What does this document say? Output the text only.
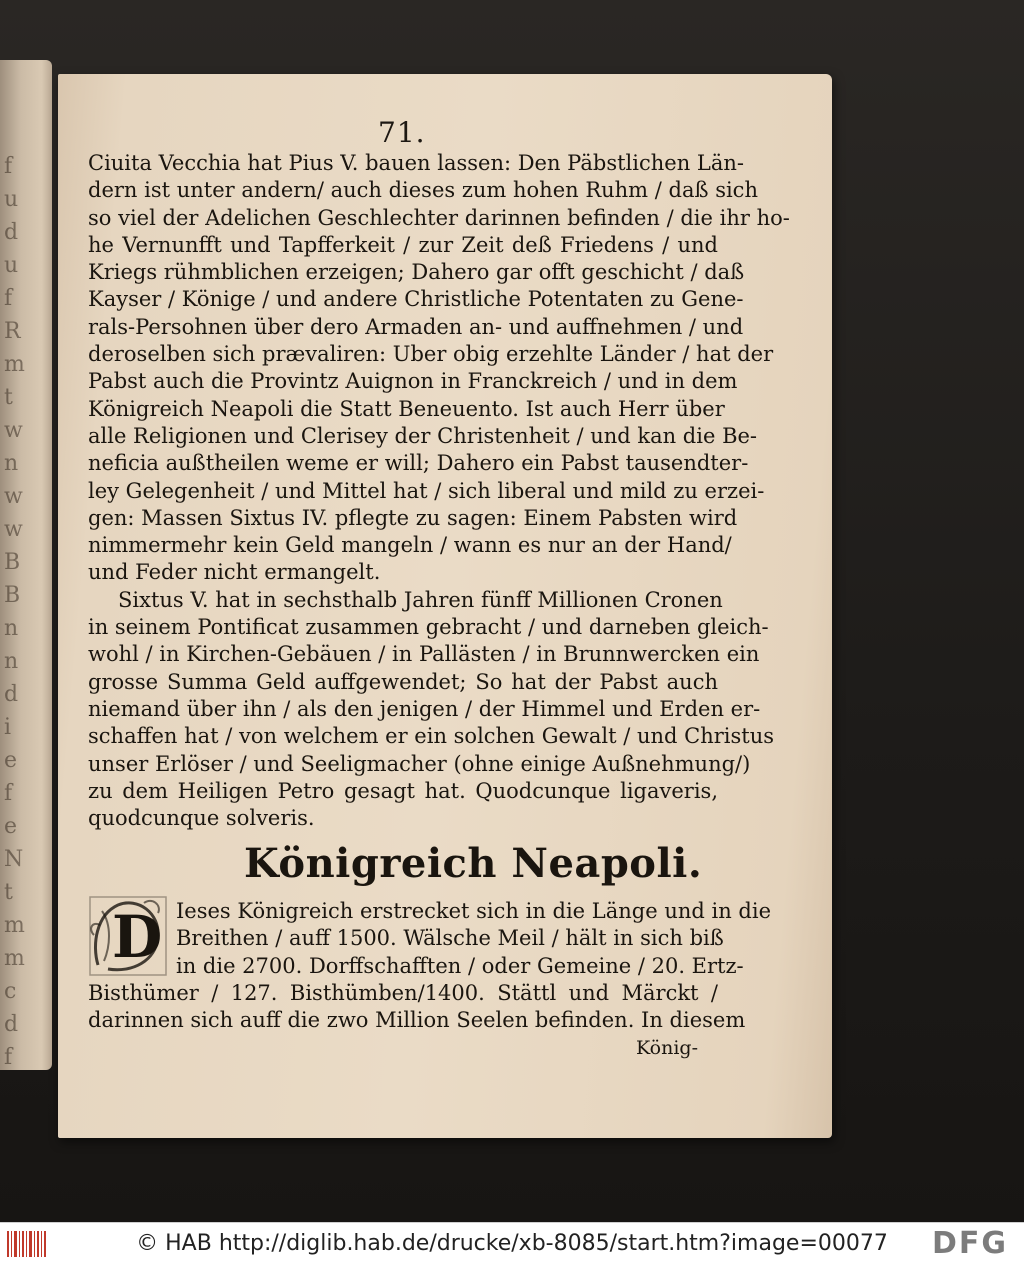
f
u
d
u
f
R
m
t
w
n
w
w
B
B
n
n
d
i
e
f
e
N
t
m
m
c
d
f
71.
Ciuita Vecchia hat Pius V. bauen lassen: Den Päbstlichen Län-
dern ist unter andern/ auch dieses zum hohen Ruhm / daß sich
so viel der Adelichen Geschlechter darinnen befinden / die ihr ho-
he Vernunfft und Tapfferkeit / zur Zeit deß Friedens / und
Kriegs rühmblichen erzeigen; Dahero gar offt geschicht / daß
Kayser / Könige / und andere Christliche Potentaten zu Gene-
rals-Persohnen über dero Armaden an- und auffnehmen / und
deroselben sich prævaliren: Uber obig erzehlte Länder / hat der
Pabst auch die Provintz Auignon in Franckreich / und in dem
Königreich Neapoli die Statt Beneuento. Ist auch Herr über
alle Religionen und Clerisey der Christenheit / und kan die Be-
neficia außtheilen weme er will; Dahero ein Pabst tausendter-
ley Gelegenheit / und Mittel hat / sich liberal und mild zu erzei-
gen: Massen Sixtus IV. pflegte zu sagen: Einem Pabsten wird
nimmermehr kein Geld mangeln / wann es nur an der Hand/
und Feder nicht ermangelt.
Sixtus V. hat in sechsthalb Jahren fünff Millionen Cronen
in seinem Pontificat zusammen gebracht / und darneben gleich-
wohl / in Kirchen-Gebäuen / in Pallästen / in Brunnwercken ein
grosse Summa Geld auffgewendet; So hat der Pabst auch
niemand über ihn / als den jenigen / der Himmel und Erden er-
schaffen hat / von welchem er ein solchen Gewalt / und Christus
unser Erlöser / und Seeligmacher (ohne einige Außnehmung/)
zu dem Heiligen Petro gesagt hat. Quodcunque ligaveris,
quodcunque solveris.
Königreich Neapoli.
D Ieses Königreich erstrecket sich in die Länge und in die
Breithen / auff 1500. Wälsche Meil / hält in sich biß
in die 2700. Dorffschafften / oder Gemeine / 20. Ertz-
Bisthümer / 127. Bisthümben/1400. Stättl und Märckt /
darinnen sich auff die zwo Million Seelen befinden. In diesem
König-
© HAB http://diglib.hab.de/drucke/xb-8085/start.htm?image=00077	DFG
